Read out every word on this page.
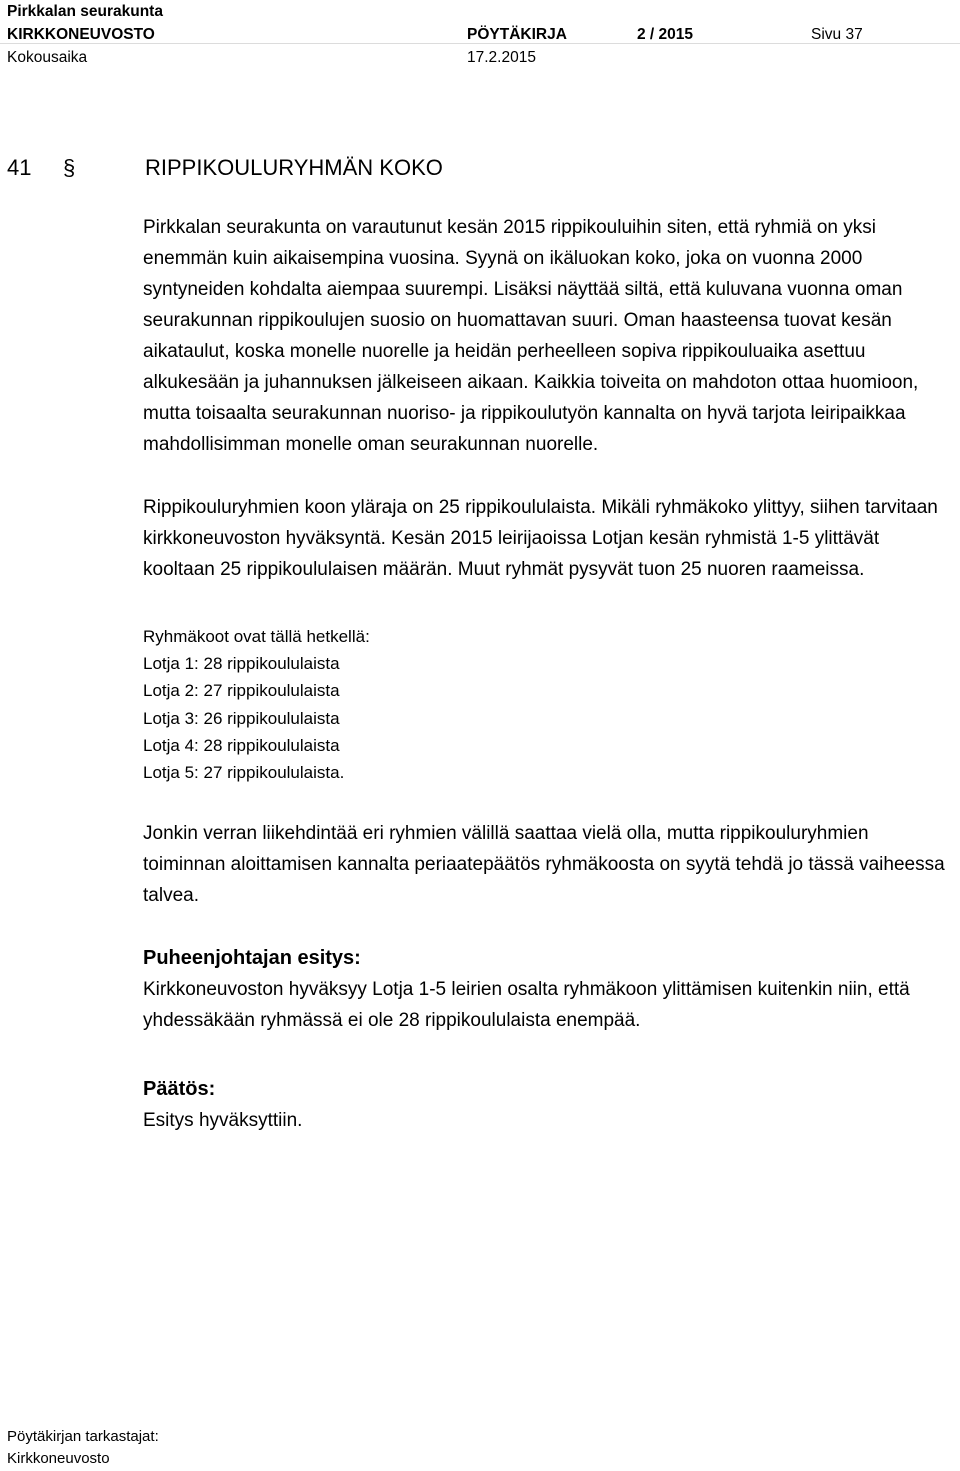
Pirkkalan seurakunta
KIRKKONEUVOSTO	PÖYTÄKIRJA	2 / 2015	Sivu 37
Kokousaika	17.2.2015
41	§	RIPPIKOULURYHMÄN KOKO

Pirkkalan seurakunta on varautunut kesän 2015 rippikouluihin siten, että ryhmiä on yksi enemmän kuin aikaisempina vuosina. Syynä on ikäluokan koko, joka on vuonna 2000 syntyneiden kohdalta aiempaa suurempi. Lisäksi näyttää siltä, että kuluvana vuonna oman seurakunnan rippikoulujen suosio on huomattavan suuri. Oman haasteensa tuovat kesän aikataulut, koska monelle nuorelle ja heidän perheelleen sopiva rippikouluaika asettuu alkukesään ja juhannuksen jälkeiseen aikaan. Kaikkia toiveita on mahdoton ottaa huomioon, mutta toisaalta seurakunnan nuoriso- ja rippikoulutyön kannalta on hyvä tarjota leiripaikkaa mahdollisimman monelle oman seurakunnan nuorelle.

Rippikouluryhmien koon yläraja on 25 rippikoululaista. Mikäli ryhmäkoko ylittyy, siihen tarvitaan kirkkoneuvoston hyväksyntä. Kesän 2015 leirijaoissa Lotjan kesän ryhmistä 1-5 ylittävät kooltaan 25 rippikoululaisen määrän. Muut ryhmät pysyvät tuon 25 nuoren raameissa.

Ryhmäkoot ovat tällä hetkellä:
Lotja 1: 28 rippikoululaista
Lotja 2: 27 rippikoululaista
Lotja 3: 26 rippikoululaista
Lotja 4: 28 rippikoululaista
Lotja 5: 27 rippikoululaista.

Jonkin verran liikehdintää eri ryhmien välillä saattaa vielä olla, mutta rippikouluryhmien toiminnan aloittamisen kannalta periaatepäätös ryhmäkoosta on syytä tehdä jo tässä vaiheessa talvea.

Puheenjohtajan esitys:

Kirkkoneuvoston hyväksyy Lotja 1-5 leirien osalta ryhmäkoon ylittämisen kuitenkin niin, että yhdessäkään ryhmässä ei ole 28 rippikoululaista enempää.

Päätös:

Esitys hyväksyttiin.

Pöytäkirjan tarkastajat:
Kirkkoneuvosto
